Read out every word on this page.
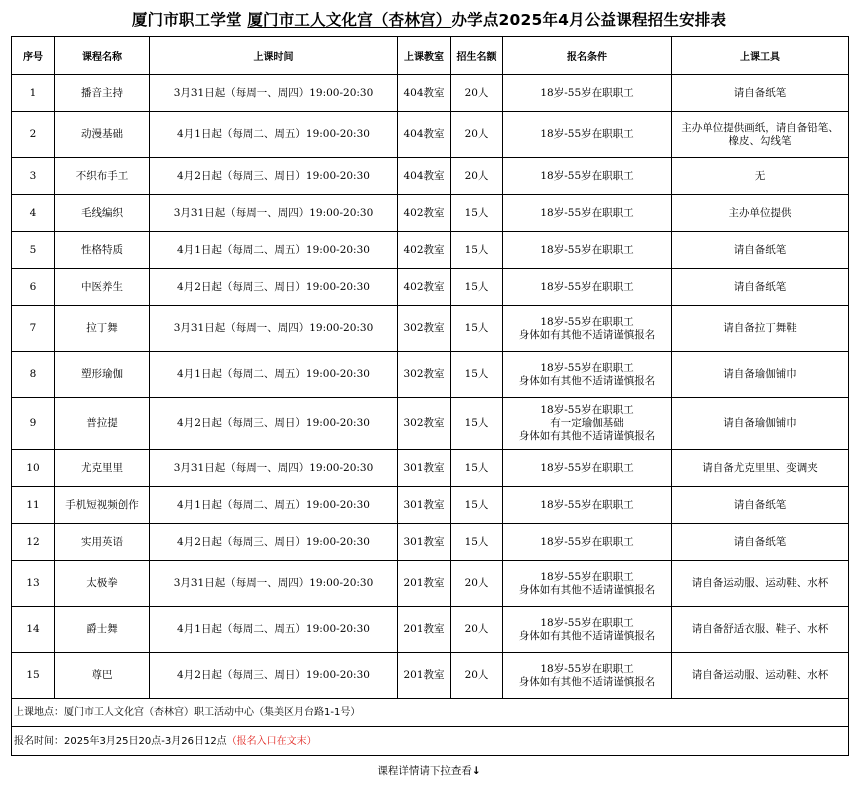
厦门市职工学堂 厦门市工人文化宫（杏林宫）办学点2025年4月公益课程招生安排表
序号	课程名称	上课时间	上课教室	招生名额	报名条件	上课工具
1	播音主持	3月31日起（每周一、周四）19:00-20:30	404教室	20人	18岁-55岁在职职工	请自备纸笔

2	动漫基础	4月1日起（每周二、周五）19:00-20:30	404教室	20人	18岁-55岁在职职工	主办单位提供画纸，请自备铅笔、
橡皮、勾线笔

3	不织布手工	4月2日起（每周三、周日）19:00-20:30	404教室	20人	18岁-55岁在职职工	无

4	毛线编织	3月31日起（每周一、周四）19:00-20:30	402教室	15人	18岁-55岁在职职工	主办单位提供

5	性格特质	4月1日起（每周二、周五）19:00-20:30	402教室	15人	18岁-55岁在职职工	请自备纸笔

6	中医养生	4月2日起（每周三、周日）19:00-20:30	402教室	15人	18岁-55岁在职职工	请自备纸笔

7	拉丁舞	3月31日起（每周一、周四）19:00-20:30	302教室	15人	18岁-55岁在职职工
身体如有其他不适请谨慎报名	请自备拉丁舞鞋

8	塑形瑜伽	4月1日起（每周二、周五）19:00-20:30	302教室	15人	18岁-55岁在职职工
身体如有其他不适请谨慎报名	请自备瑜伽铺巾

9	普拉提	4月2日起（每周三、周日）19:00-20:30	302教室	15人	18岁-55岁在职职工
有一定瑜伽基础
身体如有其他不适请谨慎报名	请自备瑜伽铺巾

10	尤克里里	3月31日起（每周一、周四）19:00-20:30	301教室	15人	18岁-55岁在职职工	请自备尤克里里、变调夹

11	手机短视频创作	4月1日起（每周二、周五）19:00-20:30	301教室	15人	18岁-55岁在职职工	请自备纸笔

12	实用英语	4月2日起（每周三、周日）19:00-20:30	301教室	15人	18岁-55岁在职职工	请自备纸笔

13	太极拳	3月31日起（每周一、周四）19:00-20:30	201教室	20人	18岁-55岁在职职工
身体如有其他不适请谨慎报名	请自备运动服、运动鞋、水杯

14	爵士舞	4月1日起（每周二、周五）19:00-20:30	201教室	20人	18岁-55岁在职职工
身体如有其他不适请谨慎报名	请自备舒适衣服、鞋子、水杯

15	尊巴	4月2日起（每周三、周日）19:00-20:30	201教室	20人	18岁-55岁在职职工
身体如有其他不适请谨慎报名	请自备运动服、运动鞋、水杯

上课地点：厦门市工人文化宫（杏林宫）职工活动中心（集美区月台路1-1号）						
报名时间：2025年3月25日20点-3月26日12点（报名入口在文末）						
课程详情请下拉查看↓
